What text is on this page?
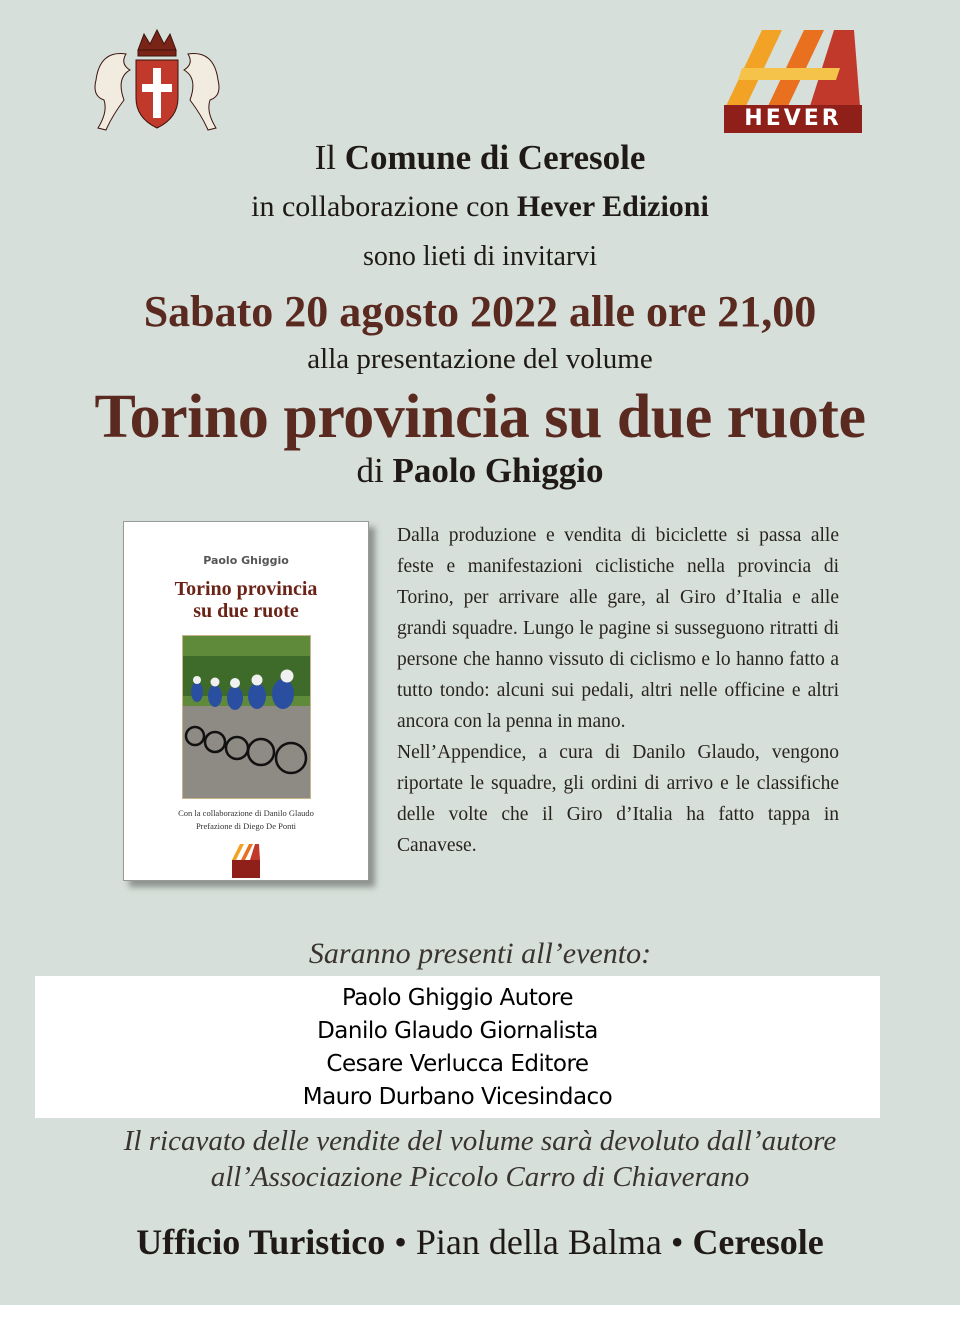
HEVER
Il Comune di Ceresole
in collaborazione con Hever Edizioni
sono lieti di invitarvi
Sabato 20 agosto 2022 alle ore 21,00
alla presentazione del volume
Torino provincia su due ruote
di Paolo Ghiggio
Paolo Ghiggio
Torino provincia
su due ruote
Con la collaborazione di Danilo Glaudo
Prefazione di Diego De Ponti

Dalla produzione e vendita di biciclette si passa alle feste e manifestazioni ciclistiche nella provincia di Torino, per arrivare alle gare, al Giro d’Italia e alle grandi squadre. Lungo le pagine si susseguono ritratti di persone che hanno vissuto di ciclismo e lo hanno fatto a tutto tondo: alcuni sui pedali, altri nelle officine e altri ancora con la penna in mano.

Nell’Appendice, a cura di Danilo Glaudo, vengono riportate le squadre, gli ordini di arrivo e le classifiche delle volte che il Giro d’Italia ha fatto tappa in Canavese.

Saranno presenti all’evento:
Paolo Ghiggio Autore
Danilo Glaudo Giornalista
Cesare Verlucca Editore
Mauro Durbano Vicesindaco
Il ricavato delle vendite del volume sarà devoluto dall’autore
all’Associazione Piccolo Carro di Chiaverano
Ufficio Turistico • Pian della Balma • Ceresole
